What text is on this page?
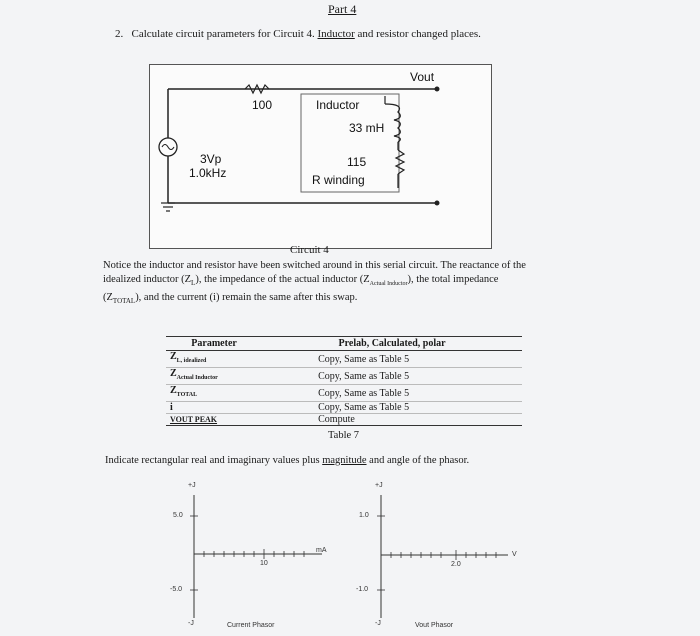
Part 4
2. Calculate circuit parameters for Circuit 4. Inductor and resistor changed places.
Vout
100	Inductor
33 mH
3Vp
1.0kHz
115
R winding
Circuit 4
Notice the inductor and resistor have been switched around in this serial circuit. The reactance of the
idealized inductor $(Z_L)$, the impedance of the actual inductor $(Z_{Actual Inductor})$, the total impedance
$(Z_{TOTAL})$, and the current (i) remain the same after this swap.
Parameter	Prelab, Calculated, polar
$Z_{L, idealized}$	Copy, Same as Table 5
$Z_{Actual Inductor}$	Copy, Same as Table 5
$Z_{TOTAL}$	Copy, Same as Table 5
i	Copy, Same as Table 5
VOUT PEAK	Compute
Table 7
Indicate rectangular real and imaginary values plus magnitude and angle of the phasor.
+J
5.0
-5.0
-J
10
mA
Current Phasor
+J
1.0
-1.0
-J
2.0
V
Vout Phasor
